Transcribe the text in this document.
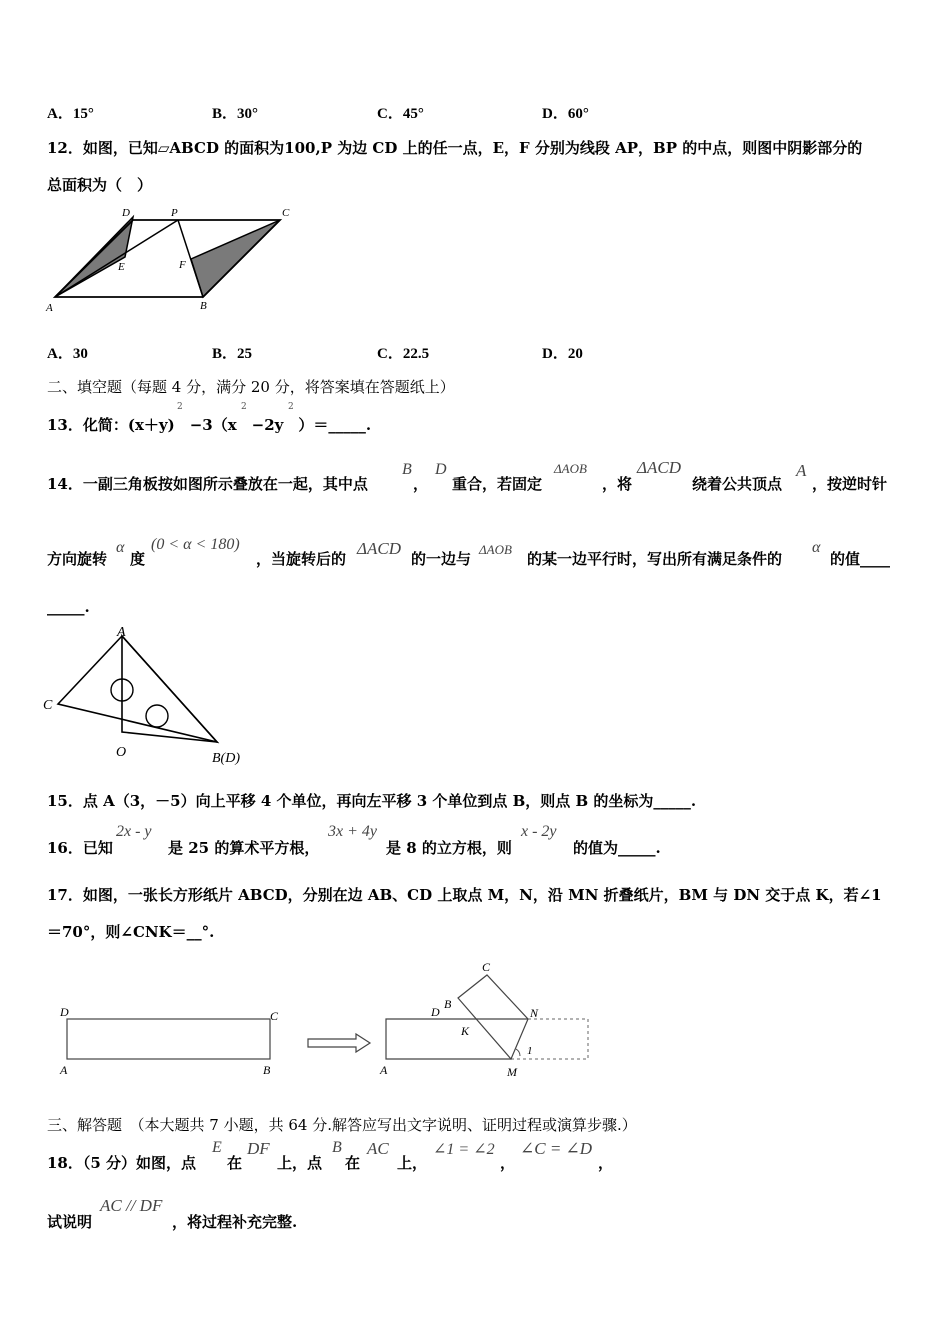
A．15°	B．30°	C．45°	D．60°
12．如图，已知▱ABCD 的面积为100,P 为边 CD 上的任一点，E，F 分别为线段 AP，BP 的中点，则图中阴影部分的
总面积为（　）
D	P	C
E	F
A	B
A．30	B．25	C．22.5	D．20
二、填空题（每题 4 分，满分 20 分，将答案填在答题纸上）
13．化简：(x＋y)　−3（x　−2y　）＝_____.
2	2	2
14．一副三角板按如图所示叠放在一起，其中点
B
，
D
重合，若固定
ΔAOB
，将
ΔACD
绕着公共顶点
A
，按逆时针
方向旋转
α
度
(0 < α < 180)
，当旋转后的
ΔACD
的一边与
ΔAOB
的某一边平行时，写出所有满足条件的
α
的值____
_____.
A
C
O	B(D)
15．点 A（3，－5）向上平移 4 个单位，再向左平移 3 个单位到点 B，则点 B 的坐标为_____.
16．已知
2x - y
是 25 的算术平方根，
3x + 4y
是 8 的立方根，则
x - 2y
的值为_____.
17．如图，一张长方形纸片 ABCD，分别在边 AB、CD 上取点 M，N，沿 MN 折叠纸片，BM 与 DN 交于点 K，若∠1
＝70°，则∠CNK＝__°.
D	C
A	B
D
C
B
N
K
1
A	M
三、解答题　（本大题共 7 小题，共 64 分.解答应写出文字说明、证明过程或演算步骤.）
18．（5 分）如图，点
E
在
DF
上，点
B
在
AC
上，
∠1 = ∠2
，
∠C = ∠D
，
试说明
AC // DF
，将过程补充完整.
